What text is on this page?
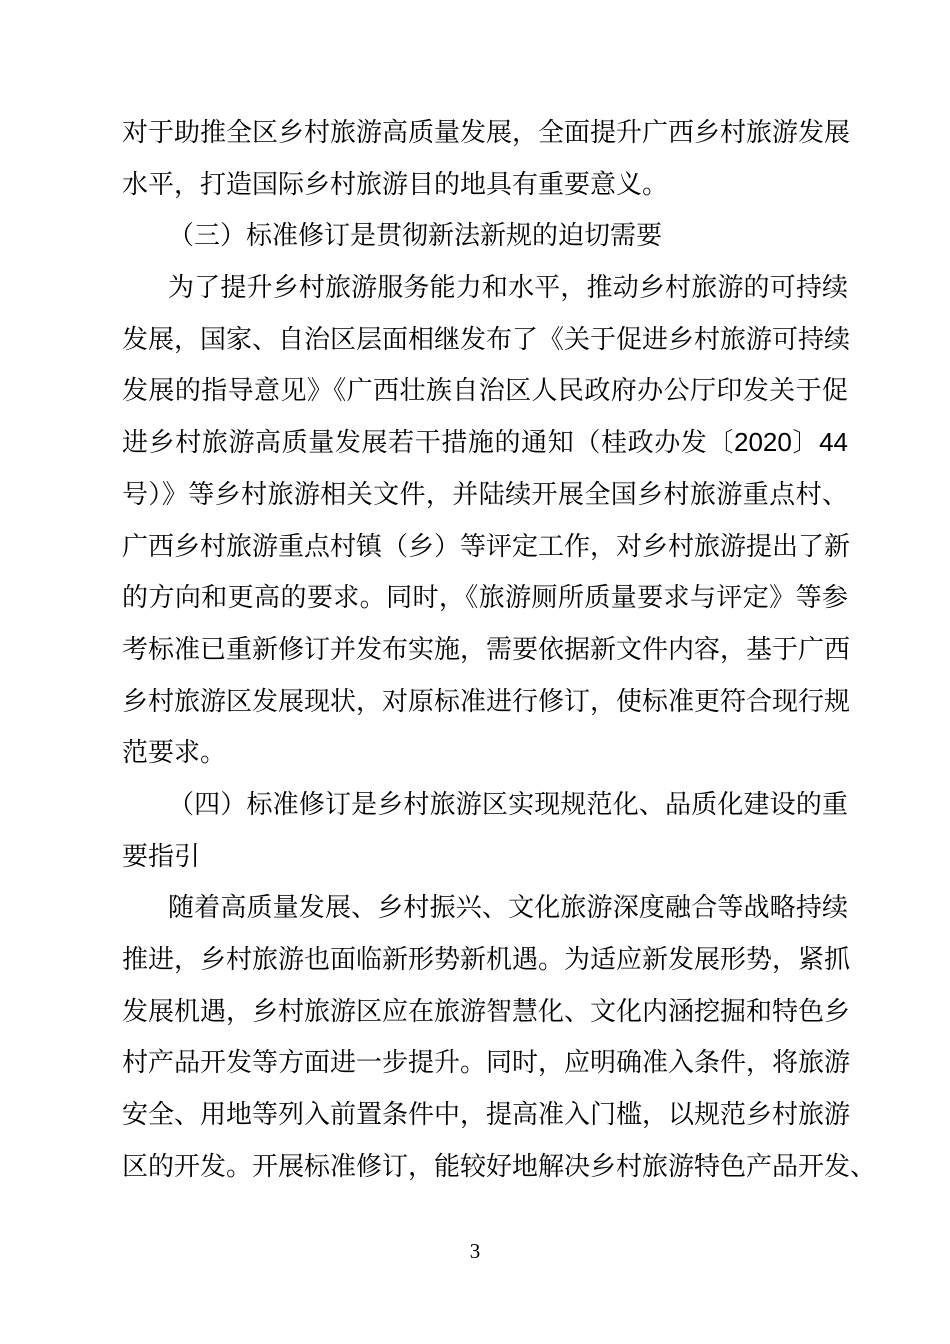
对于助推全区乡村旅游高质量发展，全面提升广西乡村旅游发展
水平，打造国际乡村旅游目的地具有重要意义。
（三）标准修订是贯彻新法新规的迫切需要
为了提升乡村旅游服务能力和水平，推动乡村旅游的可持续
发展，国家、自治区层面相继发布了《关于促进乡村旅游可持续
发展的指导意见》《广西壮族自治区人民政府办公厅印发关于促
进乡村旅游高质量发展若干措施的通知（桂政办发〔2020〕44
号）》等乡村旅游相关文件，并陆续开展全国乡村旅游重点村、
广西乡村旅游重点村镇（乡）等评定工作，对乡村旅游提出了新
的方向和更高的要求。同时，《旅游厕所质量要求与评定》等参
考标准已重新修订并发布实施，需要依据新文件内容，基于广西
乡村旅游区发展现状，对原标准进行修订，使标准更符合现行规
范要求。
（四）标准修订是乡村旅游区实现规范化、品质化建设的重
要指引
随着高质量发展、乡村振兴、文化旅游深度融合等战略持续
推进，乡村旅游也面临新形势新机遇。为适应新发展形势，紧抓
发展机遇，乡村旅游区应在旅游智慧化、文化内涵挖掘和特色乡
村产品开发等方面进一步提升。同时，应明确准入条件，将旅游
安全、用地等列入前置条件中，提高准入门槛，以规范乡村旅游
区的开发。开展标准修订，能较好地解决乡村旅游特色产品开发、
3
